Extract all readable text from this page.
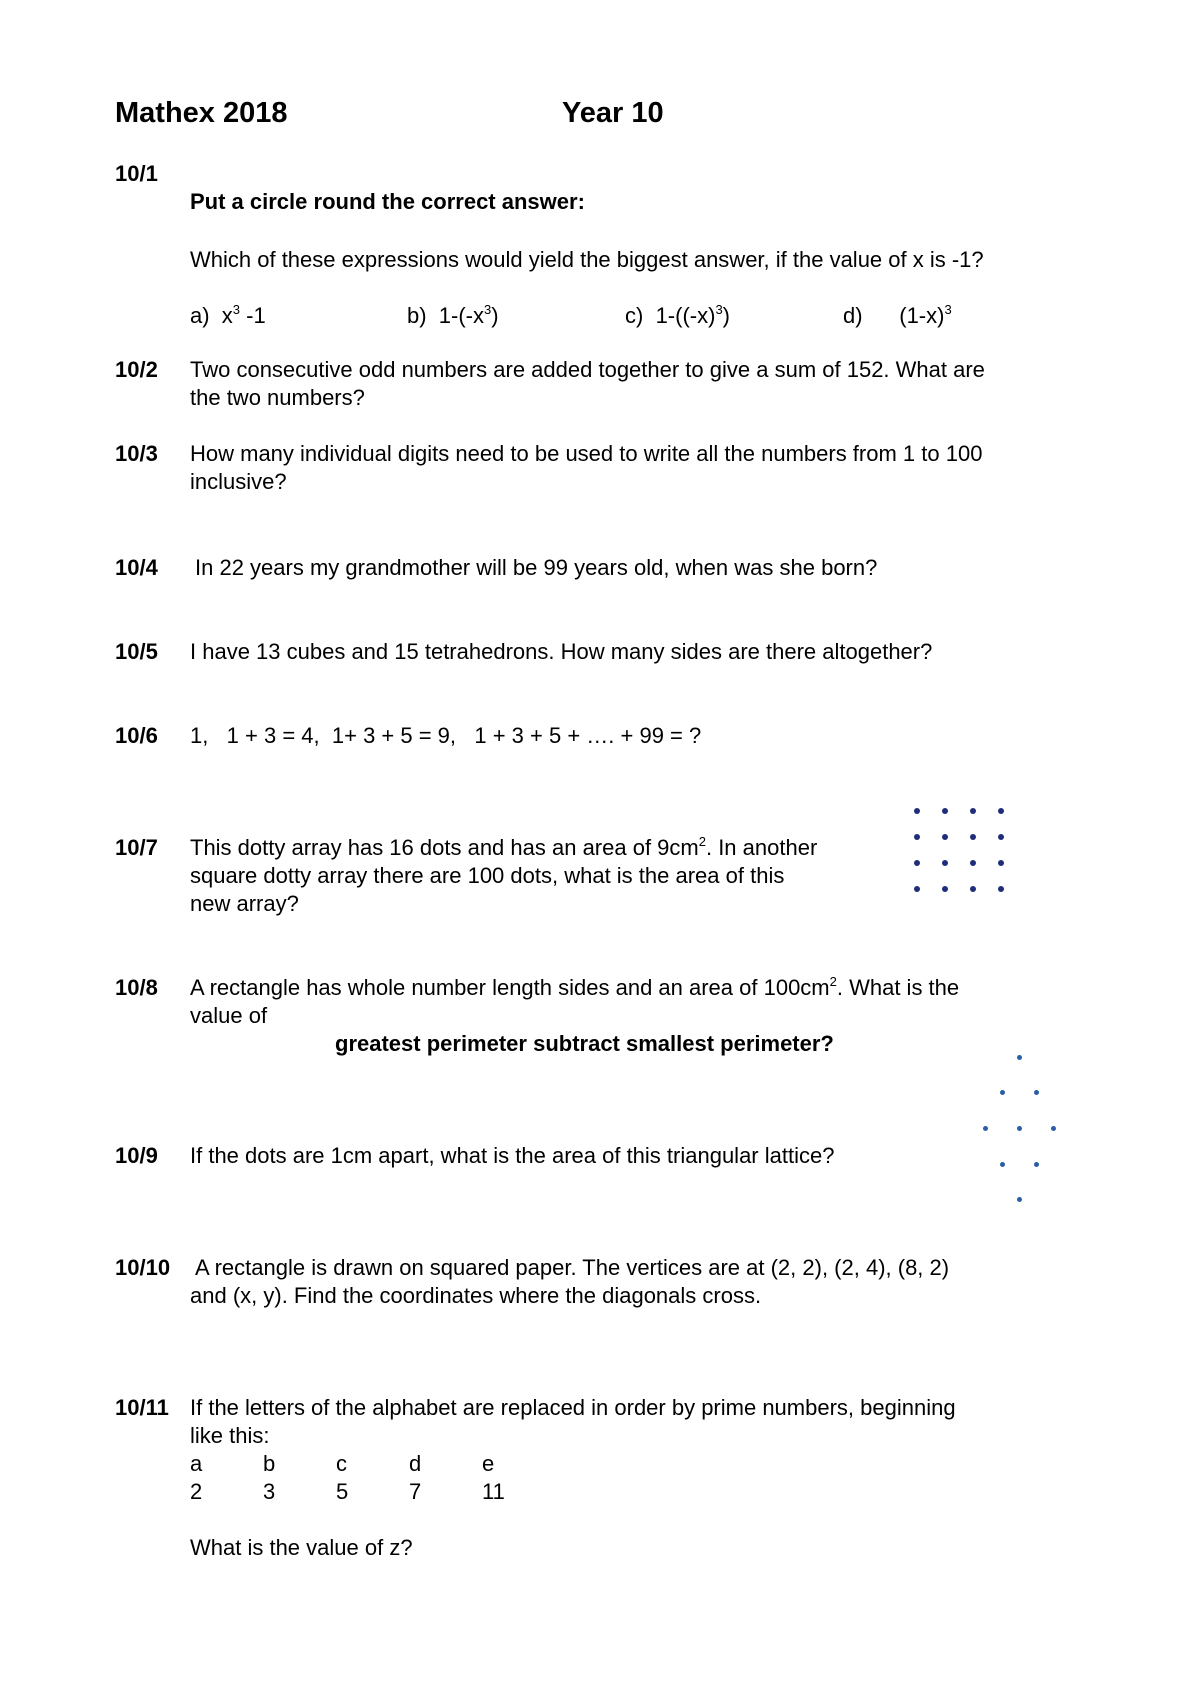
Mathex 2018	Year 10
10/1
Put a circle round the correct answer:
Which of these expressions would yield the biggest answer, if the value of x is -1?
a) $x^3$ -1	b) $1-(-x^3)$	c) $1-((-x)^3)$	d) $(1-x)^3$
10/2 Two consecutive odd numbers are added together to give a sum of 152. What are
the two numbers?
10/3 How many individual digits need to be used to write all the numbers from 1 to 100
inclusive?
10/4 In 22 years my grandmother will be 99 years old, when was she born?
10/5 I have 13 cubes and 15 tetrahedrons. How many sides are there altogether?
10/6 1,   1 + 3 = 4,  1+ 3 + 5 = 9,   1 + 3 + 5 + …. + 99 = ?
10/7 This dotty array has 16 dots and has an area of $9cm^2$. In another
square dotty array there are 100 dots, what is the area of this
new array?
10/8 A rectangle has whole number length sides and an area of $100cm^2$. What is the
value of
greatest perimeter subtract smallest perimeter?
10/9 If the dots are 1cm apart, what is the area of this triangular lattice?
10/10 A rectangle is drawn on squared paper. The vertices are at (2, 2), (2, 4), (8, 2)
and (x, y). Find the coordinates where the diagonals cross.
10/11 If the letters of the alphabet are replaced in order by prime numbers, beginning
like this:
a	b	c	d	e
2	3	5	7	11
What is the value of z?
